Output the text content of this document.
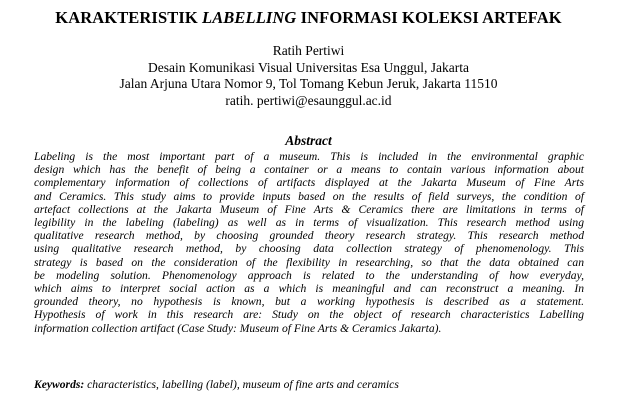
KARAKTERISTIK LABELLING INFORMASI KOLEKSI ARTEFAK
Ratih Pertiwi
Desain Komunikasi Visual Universitas Esa Unggul, Jakarta
Jalan Arjuna Utara Nomor 9, Tol Tomang Kebun Jeruk, Jakarta 11510
ratih. pertiwi@esaunggul.ac.id
Abstract
Labeling is the most important part of a museum. This is included in the environmental graphic
design which has the benefit of being a container or a means to contain various information about
complementary information of collections of artifacts displayed at the Jakarta Museum of Fine Arts
and Ceramics. This study aims to provide inputs based on the results of field surveys, the condition of
artefact collections at the Jakarta Museum of Fine Arts & Ceramics there are limitations in terms of
legibility in the labeling (labeling) as well as in terms of visualization. This research method using
qualitative research method, by choosing grounded theory research strategy. This research method
using qualitative research method, by choosing data collection strategy of phenomenology. This
strategy is based on the consideration of the flexibility in researching, so that the data obtained can
be modeling solution. Phenomenology approach is related to the understanding of how everyday,
which aims to interpret social action as a which is meaningful and can reconstruct a meaning. In
grounded theory, no hypothesis is known, but a working hypothesis is described as a statement.
Hypothesis of work in this research are: Study on the object of research characteristics Labelling
information collection artifact (Case Study: Museum of Fine Arts & Ceramics Jakarta).
Keywords: characteristics, labelling (label), museum of fine arts and ceramics
